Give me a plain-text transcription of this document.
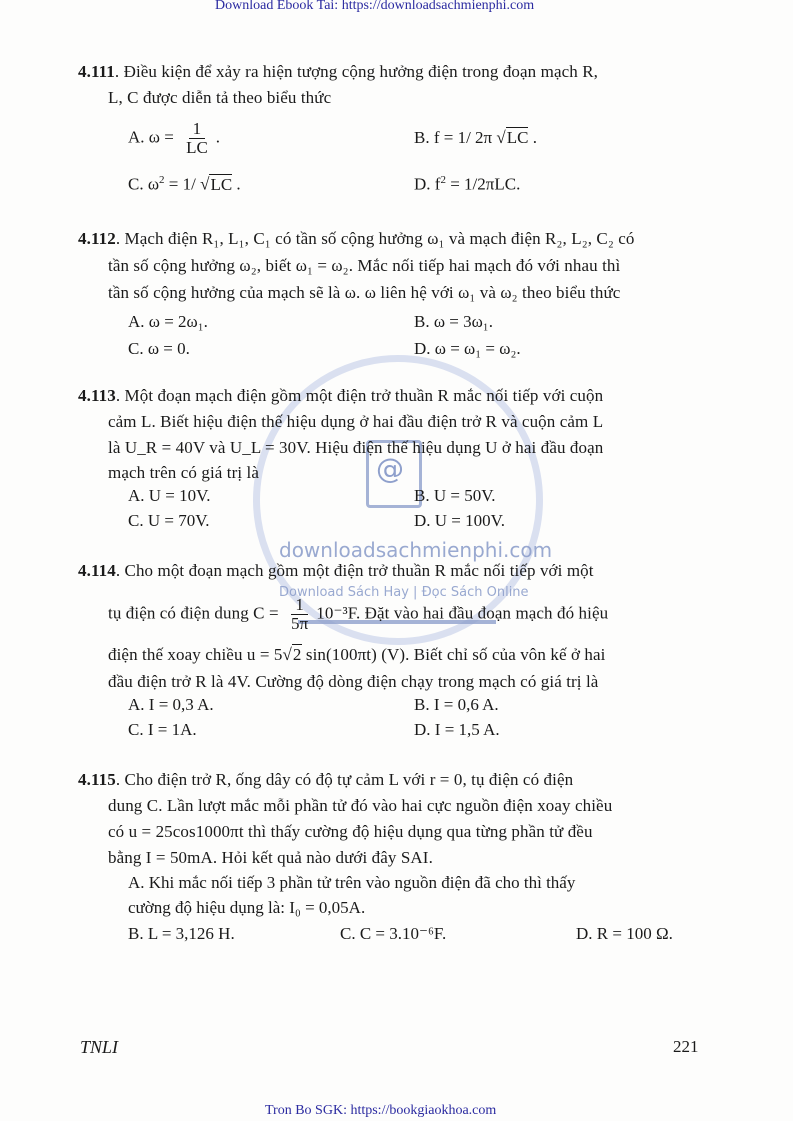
Download Ebook Tai: https://downloadsachmienphi.com
@
downloadsachmienphi.com
Download Sách Hay | Đọc Sách Online
4.111. Điều kiện để xảy ra hiện tượng cộng hưởng điện trong đoạn mạch R,
L, C được diễn tả theo biểu thức
A. $\omega = \frac{1}{LC}$ .	B. f = 1/ 2π √LC .
C. $\omega^2 = 1/$ √LC .	D. $f^2 = 1/2\pi LC$.
4.112. Mạch điện R₁, L₁, C₁ có tần số cộng hưởng ω₁ và mạch điện R₂, L₂, C₂ có
tần số cộng hưởng ω₂, biết ω₁ = ω₂. Mắc nối tiếp hai mạch đó với nhau thì
tần số cộng hưởng của mạch sẽ là ω. ω liên hệ với ω₁ và ω₂ theo biểu thức
A. ω = 2ω₁.	B. ω = 3ω₁.
C. ω = 0.	D. ω = ω₁ = ω₂.
4.113. Một đoạn mạch điện gồm một điện trở thuần R mắc nối tiếp với cuộn
cảm L. Biết hiệu điện thế hiệu dụng ở hai đầu điện trở R và cuộn cảm L
là U_R = 40V và U_L = 30V. Hiệu điện thế hiệu dụng U ở hai đầu đoạn
mạch trên có giá trị là
A. U = 10V.	B. U = 50V.
C. U = 70V.	D. U = 100V.
4.114. Cho một đoạn mạch gồm một điện trở thuần R mắc nối tiếp với một
tụ điện có điện dung $C = \frac{1}{5\pi} 10^{-3}F$. Đặt vào hai đầu đoạn mạch đó hiệu
điện thế xoay chiều u = 5√2 sin(100πt) (V). Biết chỉ số của vôn kế ở hai
đầu điện trở R là 4V. Cường độ dòng điện chạy trong mạch có giá trị là
A. I = 0,3 A.	B. I = 0,6 A.
C. I = 1A.	D. I = 1,5 A.
4.115. Cho điện trở R, ống dây có độ tự cảm L với r = 0, tụ điện có điện
dung C. Lần lượt mắc mỗi phần tử đó vào hai cực nguồn điện xoay chiều
có u = 25cos1000πt thì thấy cường độ hiệu dụng qua từng phần tử đều
bằng I = 50mA. Hỏi kết quả nào dưới đây SAI.
A. Khi mắc nối tiếp 3 phần tử trên vào nguồn điện đã cho thì thấy
cường độ hiệu dụng là: I₀ = 0,05A.
B. L = 3,126 H.	C. C = 3.10⁻⁶F.	D. R = 100 Ω.
TNLI	221
Tron Bo SGK: https://bookgiaokhoa.com
